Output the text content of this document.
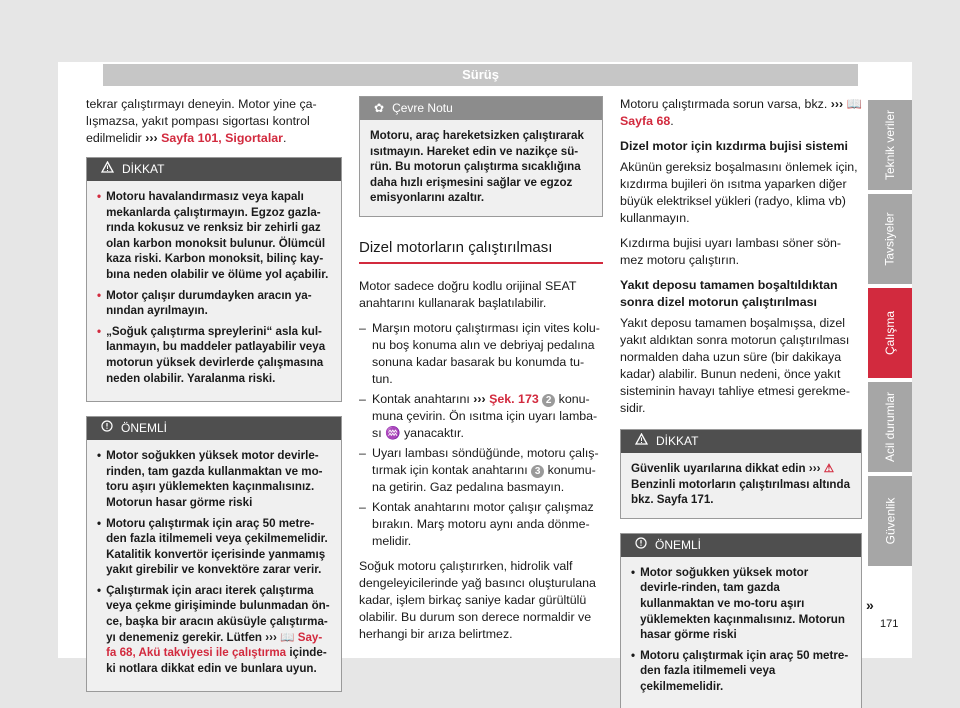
Sürüş

tekrar çalıştırmayı deneyin. Motor yine ça-lışmazsa, yakıt pompası sigortası kontrol edilmelidir ››› Sayfa 101, Sigortalar.

DİKKAT
• Motoru havalandırmasız veya kapalı mekanlarda çalıştırmayın. Egzoz gazla-rında kokusuz ve renksiz bir zehirli gaz olan karbon monoksit bulunur. Ölümcül kaza riski. Karbon monoksit, bilinç kay-bına neden olabilir ve ölüme yol açabilir.
• Motor çalışır durumdayken aracın ya-nından ayrılmayın.
• „Soğuk çalıştırma spreylerini“ asla kul-lanmayın, bu maddeler patlayabilir veya motorun yüksek devirlerde çalışmasına neden olabilir. Yaralanma riski.
ÖNEMLİ
• Motor soğukken yüksek motor devirle-rinden, tam gazda kullanmaktan ve mo-toru aşırı yüklemekten kaçınmalısınız. Motorun hasar görme riski
• Motoru çalıştırmak için araç 50 metre-den fazla itilmemeli veya çekilmemelidir. Katalitik konvertör içerisinde yanmamış yakıt girebilir ve konvektöre zarar verir.
• Çalıştırmak için aracı iterek çalıştırma veya çekme girişiminde bulunmadan ön-ce, başka bir aracın aküsüyle çalıştırma-yı denemeniz gerekir. Lütfen ››› 📖 Say-fa 68, Akü takviyesi ile çalıştırma içinde-ki notlara dikkat edin ve bunlara uyun.
✿ Çevre Notu
Motoru, araç hareketsizken çalıştırarak ısıtmayın. Hareket edin ve nazikçe sü-rün. Bu motorun çalıştırma sıcaklığına daha hızlı erişmesini sağlar ve egzoz emisyonlarını azaltır.
Dizel motorların çalıştırılması

Motor sadece doğru kodlu orijinal SEAT anahtarını kullanarak başlatılabilir.

– Marşın motoru çalıştırması için vites kolu-nu boş konuma alın ve debriyaj pedalına sonuna kadar basarak bu konumda tu-tun.
– Kontak anahtarını ››› Şek. 173 2 konu-muna çevirin. Ön ısıtma için uyarı lamba-sı ♒ yanacaktır.
– Uyarı lambası söndüğünde, motoru çalış-tırmak için kontak anahtarını 3 konumu-na getirin. Gaz pedalına basmayın.
– Kontak anahtarını motor çalışır çalışmaz bırakın. Marş motoru aynı anda dönme-melidir.

Soğuk motoru çalıştırırken, hidrolik valf dengeleyicilerinde yağ basıncı oluşturulana kadar, işlem birkaç saniye kadar gürültülü olabilir. Bu durum son derece normaldir ve herhangi bir arıza belirtmez.

Motoru çalıştırmada sorun varsa, bkz. ››› 📖 Sayfa 68.

Dizel motor için kızdırma bujisi sistemi

Akünün gereksiz boşalmasını önlemek için, kızdırma bujileri ön ısıtma yaparken diğer büyük elektriksel yükleri (radyo, klima vb) kullanmayın.

Kızdırma bujisi uyarı lambası söner sön-mez motoru çalıştırın.

Yakıt deposu tamamen boşaltıldıktan sonra dizel motorun çalıştırılması

Yakıt deposu tamamen boşalmışsa, dizel yakıt aldıktan sonra motorun çalıştırılması normalden daha uzun süre (bir dakikaya kadar) alabilir. Bunun nedeni, önce yakıt sisteminin havayı tahliye etmesi gerekme-sidir.

DİKKAT
Güvenlik uyarılarına dikkat edin ››› ⚠ Benzinli motorların çalıştırılması altında bkz. Sayfa 171.
ÖNEMLİ
• Motor soğukken yüksek motor devirle-rinden, tam gazda kullanmaktan ve mo-toru aşırı yüklemekten kaçınmalısınız. Motorun hasar görme riski
• Motoru çalıştırmak için araç 50 metre-den fazla itilmemeli veya çekilmemelidir.
Teknik veriler
Tavsiyeler
Çalışma
Acil durumlar
Güvenlik
»
171
